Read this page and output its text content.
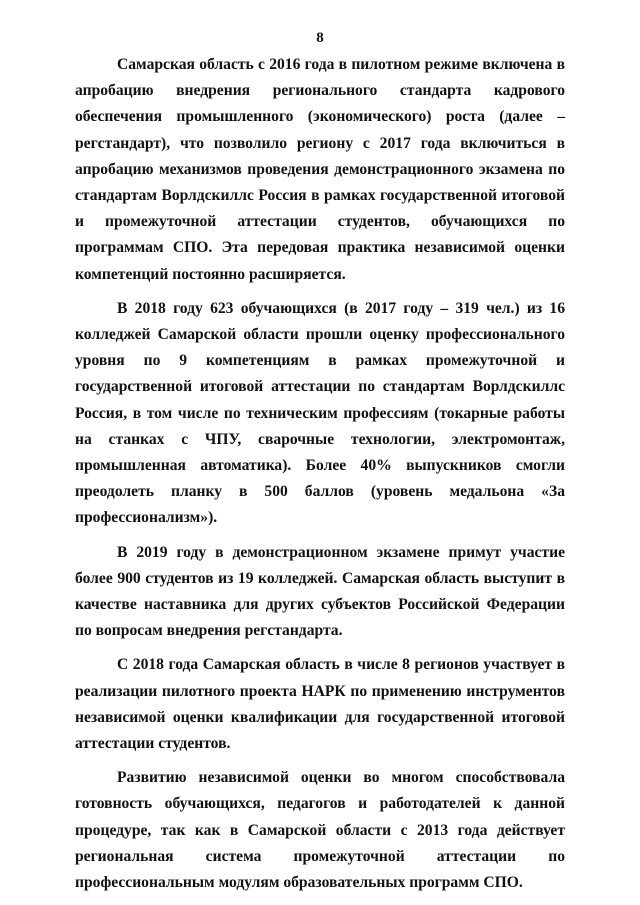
8

Самарская область с 2016 года в пилотном режиме включена в апробацию внедрения регионального стандарта кадрового обеспечения промышленного (экономического) роста (далее – регстандарт), что позволило региону с 2017 года включиться в апробацию механизмов проведения демонстрационного экзамена по стандартам Ворлдскиллс Россия в рамках государственной итоговой и промежуточной аттестации студентов, обучающихся по программам СПО. Эта передовая практика независимой оценки компетенций постоянно расширяется.

В 2018 году 623 обучающихся (в 2017 году – 319 чел.) из 16 колледжей Самарской области прошли оценку профессионального уровня по 9 компетенциям в рамках промежуточной и государственной итоговой аттестации по стандартам Ворлдскиллс Россия, в том числе по техническим профессиям (токарные работы на станках с ЧПУ, сварочные технологии, электромонтаж, промышленная автоматика). Более 40% выпускников смогли преодолеть планку в 500 баллов (уровень медальона «За профессионализм»).

В 2019 году в демонстрационном экзамене примут участие более 900 студентов из 19 колледжей. Самарская область выступит в качестве наставника для других субъектов Российской Федерации по вопросам внедрения регстандарта.

С 2018 года Самарская область в числе 8 регионов участвует в реализации пилотного проекта НАРК по применению инструментов независимой оценки квалификации для государственной итоговой аттестации студентов.

Развитию независимой оценки во многом способствовала готовность обучающихся, педагогов и работодателей к данной процедуре, так как в Самарской области с 2013 года действует региональная система промежуточной аттестации по профессиональным модулям образовательных программ СПО.
